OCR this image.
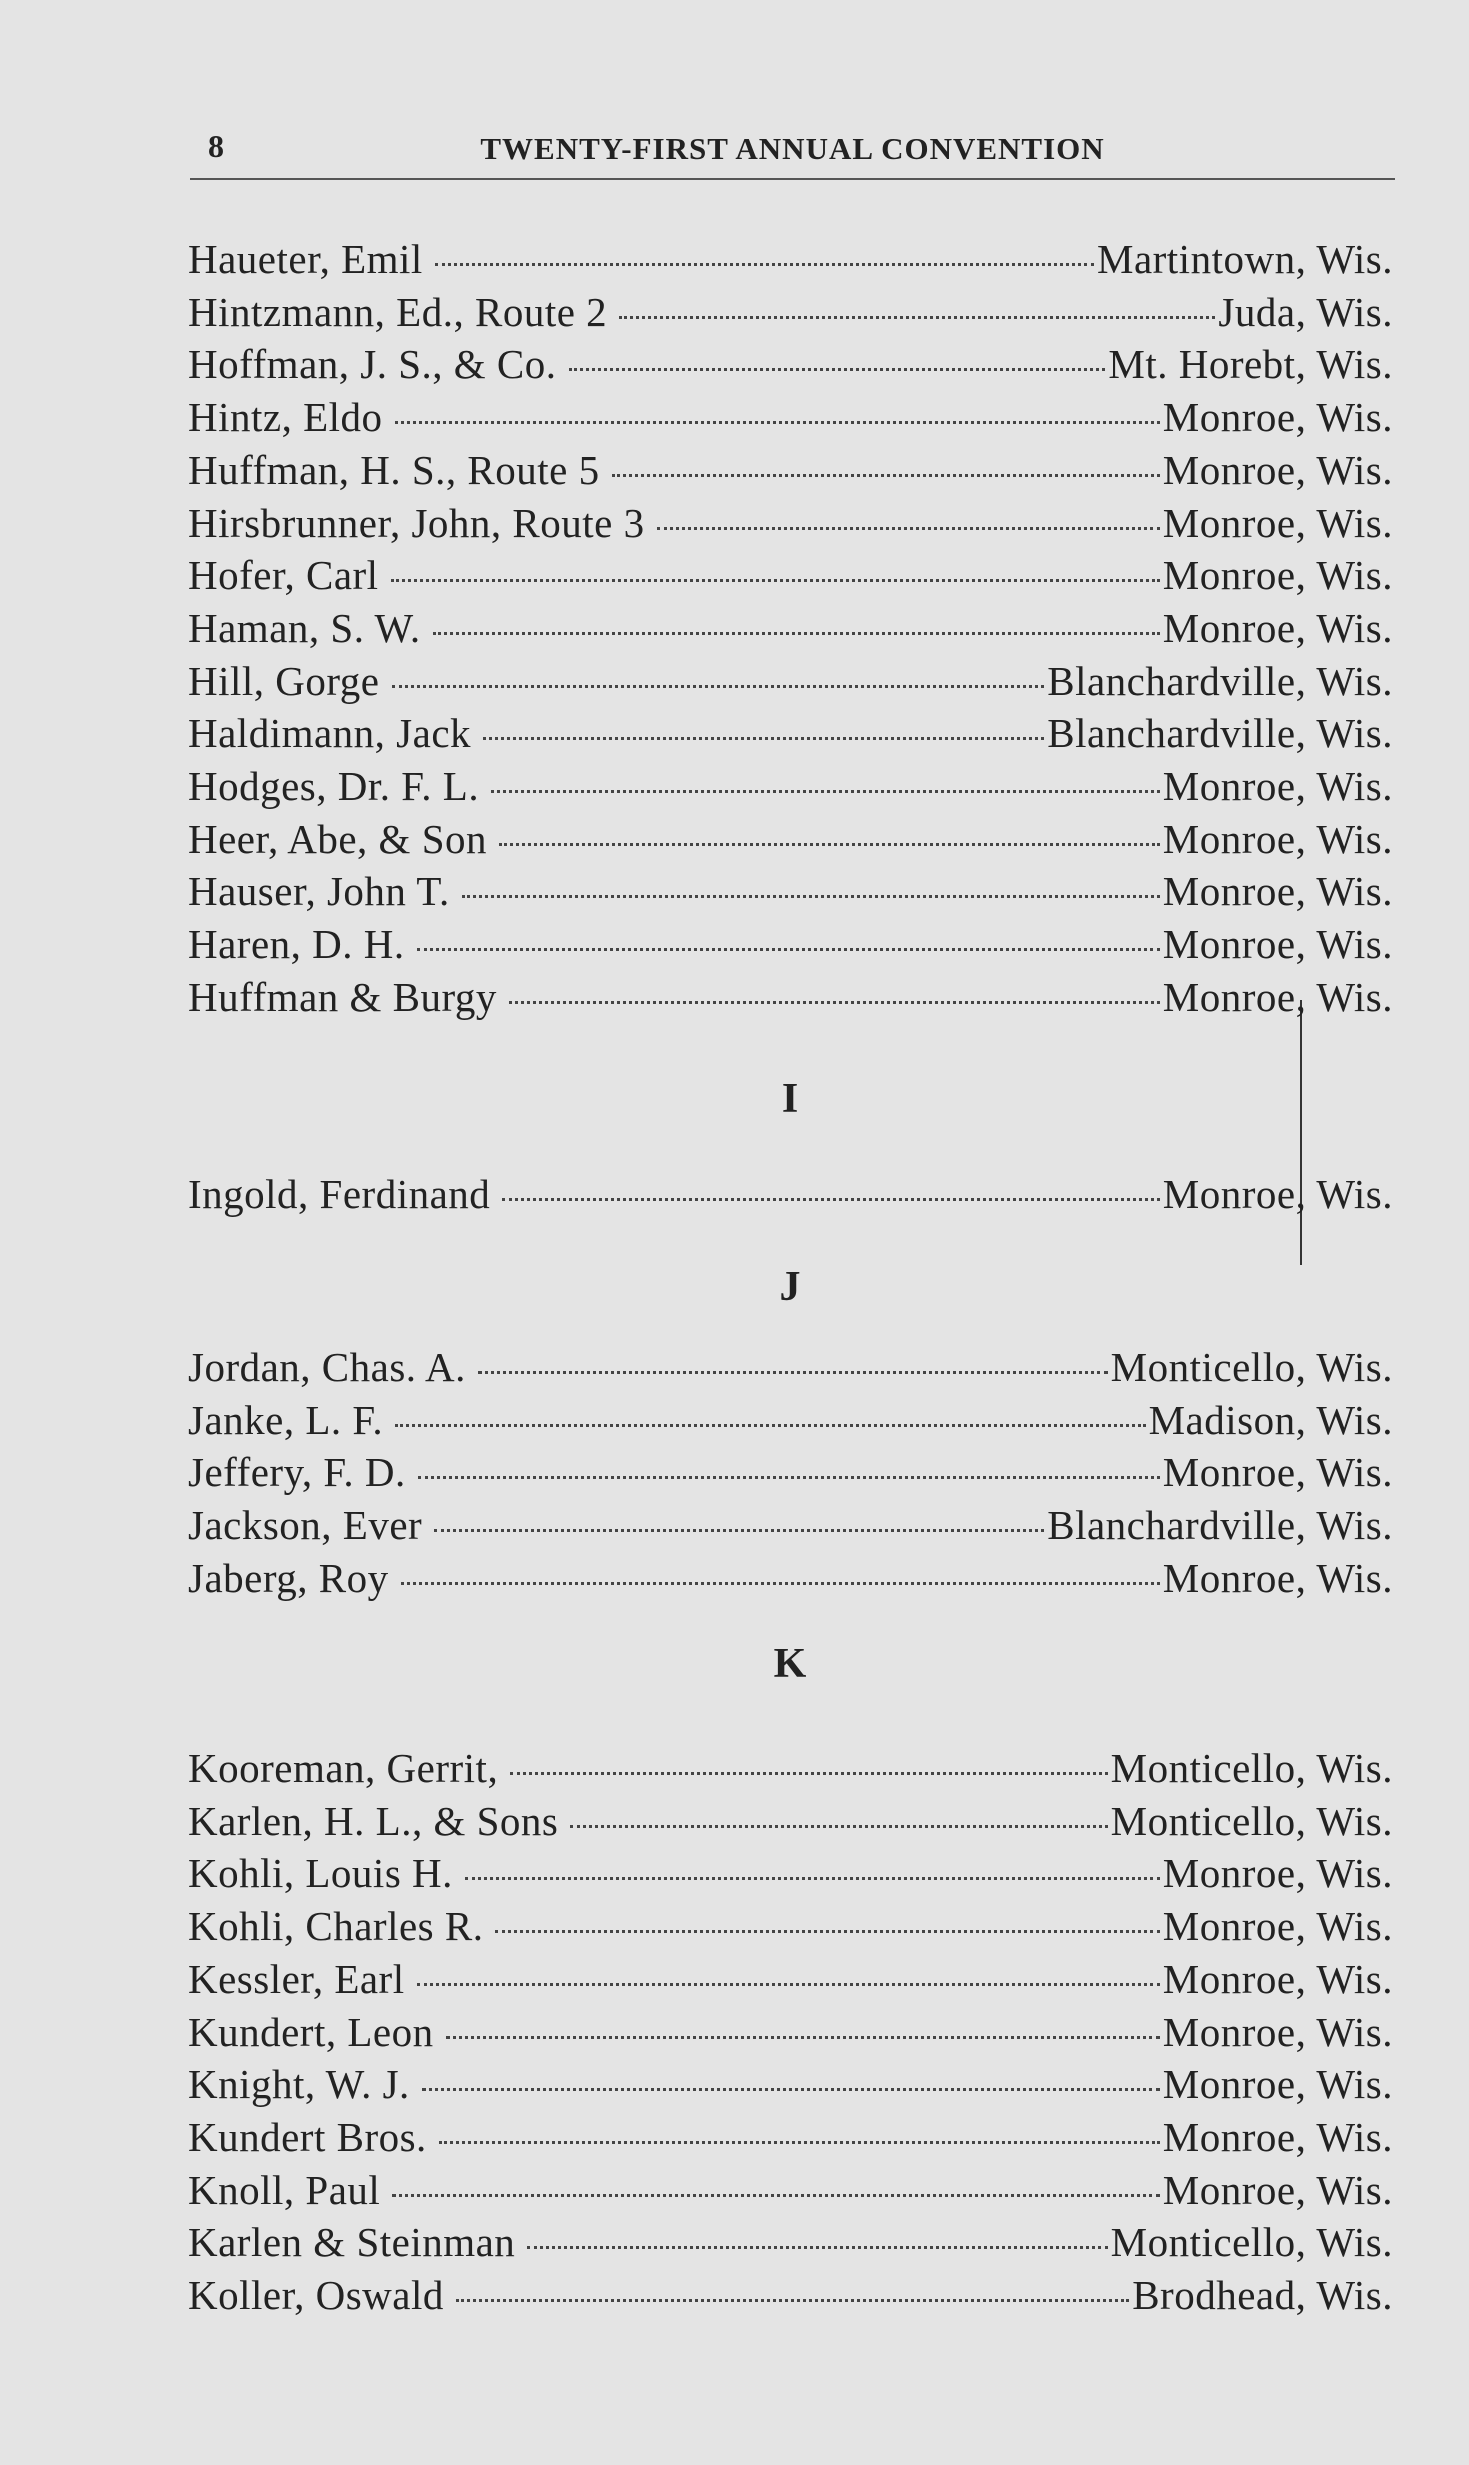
8	TWENTY-FIRST ANNUAL CONVENTION
Haueter, Emil	Martintown, Wis.
Hintzmann, Ed., Route 2	Juda, Wis.
Hoffman, J. S., & Co.	Mt. Horebt, Wis.
Hintz, Eldo	Monroe, Wis.
Huffman, H. S., Route 5	Monroe, Wis.
Hirsbrunner, John, Route 3	Monroe, Wis.
Hofer, Carl	Monroe, Wis.
Haman, S. W.	Monroe, Wis.
Hill, Gorge	Blanchardville, Wis.
Haldimann, Jack	Blanchardville, Wis.
Hodges, Dr. F. L.	Monroe, Wis.
Heer, Abe, & Son	Monroe, Wis.
Hauser, John T.	Monroe, Wis.
Haren, D. H.	Monroe, Wis.
Huffman & Burgy	Monroe, Wis.
I
Ingold, Ferdinand	Monroe, Wis.
J
Jordan, Chas. A.	Monticello, Wis.
Janke, L. F.	Madison, Wis.
Jeffery, F. D.	Monroe, Wis.
Jackson, Ever	Blanchardville, Wis.
Jaberg, Roy	Monroe, Wis.
K
Kooreman, Gerrit,	Monticello, Wis.
Karlen, H. L., & Sons	Monticello, Wis.
Kohli, Louis H.	Monroe, Wis.
Kohli, Charles R.	Monroe, Wis.
Kessler, Earl	Monroe, Wis.
Kundert, Leon	Monroe, Wis.
Knight, W. J.	Monroe, Wis.
Kundert Bros.	Monroe, Wis.
Knoll, Paul	Monroe, Wis.
Karlen & Steinman	Monticello, Wis.
Koller, Oswald	Brodhead, Wis.
